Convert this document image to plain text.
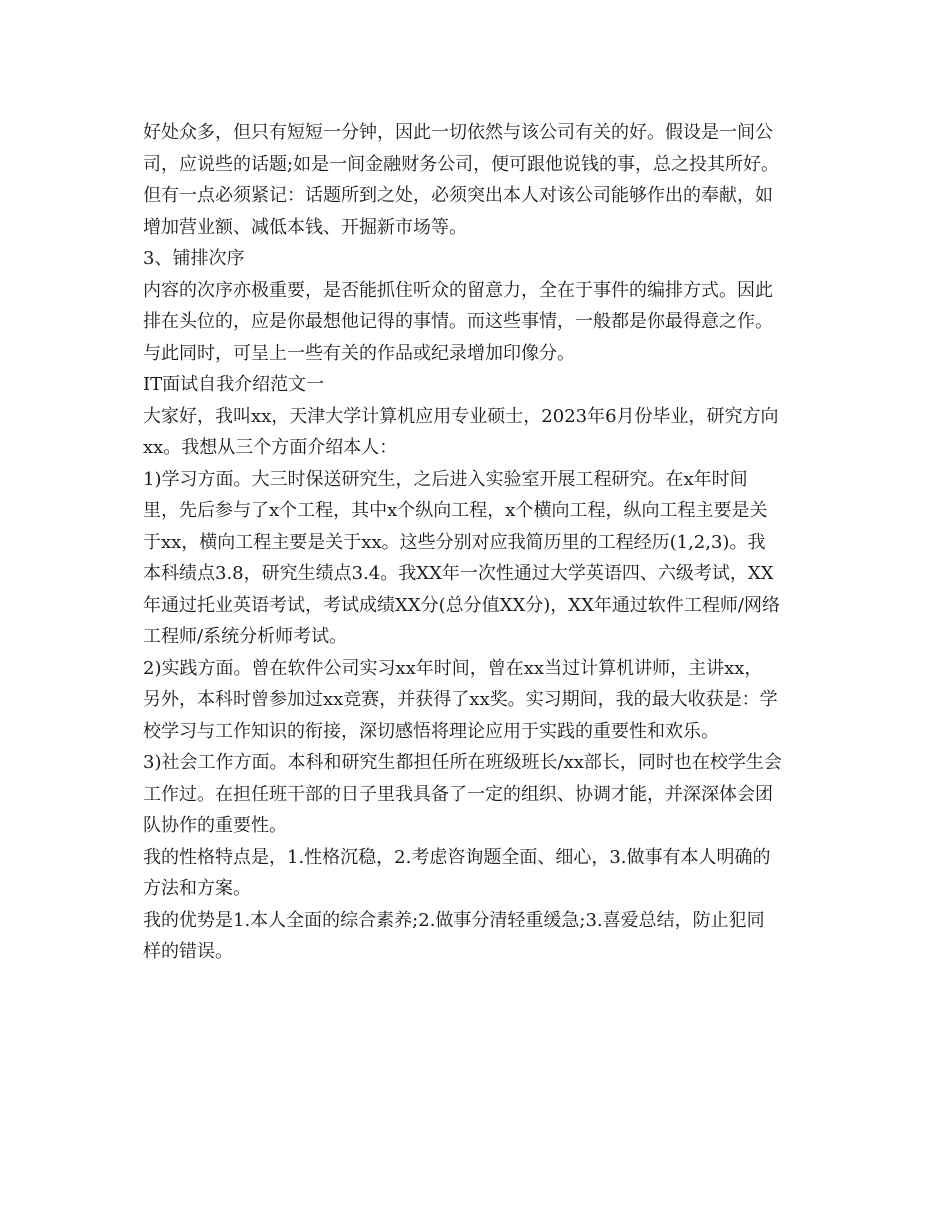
好处众多，但只有短短一分钟，因此一切依然与该公司有关的好。假设是一间公
司，应说些的话题;如是一间金融财务公司，便可跟他说钱的事，总之投其所好。
但有一点必须紧记：话题所到之处，必须突出本人对该公司能够作出的奉献，如
增加营业额、减低本钱、开掘新市场等。

3、铺排次序

内容的次序亦极重要，是否能抓住听众的留意力，全在于事件的编排方式。因此
排在头位的，应是你最想他记得的事情。而这些事情，一般都是你最得意之作。
与此同时，可呈上一些有关的作品或纪录增加印像分。

IT面试自我介绍范文一

大家好，我叫xx，天津大学计算机应用专业硕士，2023年6月份毕业，研究方向
xx。我想从三个方面介绍本人：

1)学习方面。大三时保送研究生，之后进入实验室开展工程研究。在x年时间
里，先后参与了x个工程，其中x个纵向工程，x个横向工程，纵向工程主要是关
于xx，横向工程主要是关于xx。这些分别对应我简历里的工程经历(1,2,3)。我
本科绩点3.8，研究生绩点3.4。我XX年一次性通过大学英语四、六级考试，XX
年通过托业英语考试，考试成绩XX分(总分值XX分)，XX年通过软件工程师/网络
工程师/系统分析师考试。

2)实践方面。曾在软件公司实习xx年时间，曾在xx当过计算机讲师，主讲xx，
另外，本科时曾参加过xx竞赛，并获得了xx奖。实习期间，我的最大收获是：学
校学习与工作知识的衔接，深切感悟将理论应用于实践的重要性和欢乐。

3)社会工作方面。本科和研究生都担任所在班级班长/xx部长，同时也在校学生会
工作过。在担任班干部的日子里我具备了一定的组织、协调才能，并深深体会团
队协作的重要性。

我的性格特点是，1.性格沉稳，2.考虑咨询题全面、细心，3.做事有本人明确的
方法和方案。

我的优势是1.本人全面的综合素养;2.做事分清轻重缓急;3.喜爱总结，防止犯同
样的错误。
